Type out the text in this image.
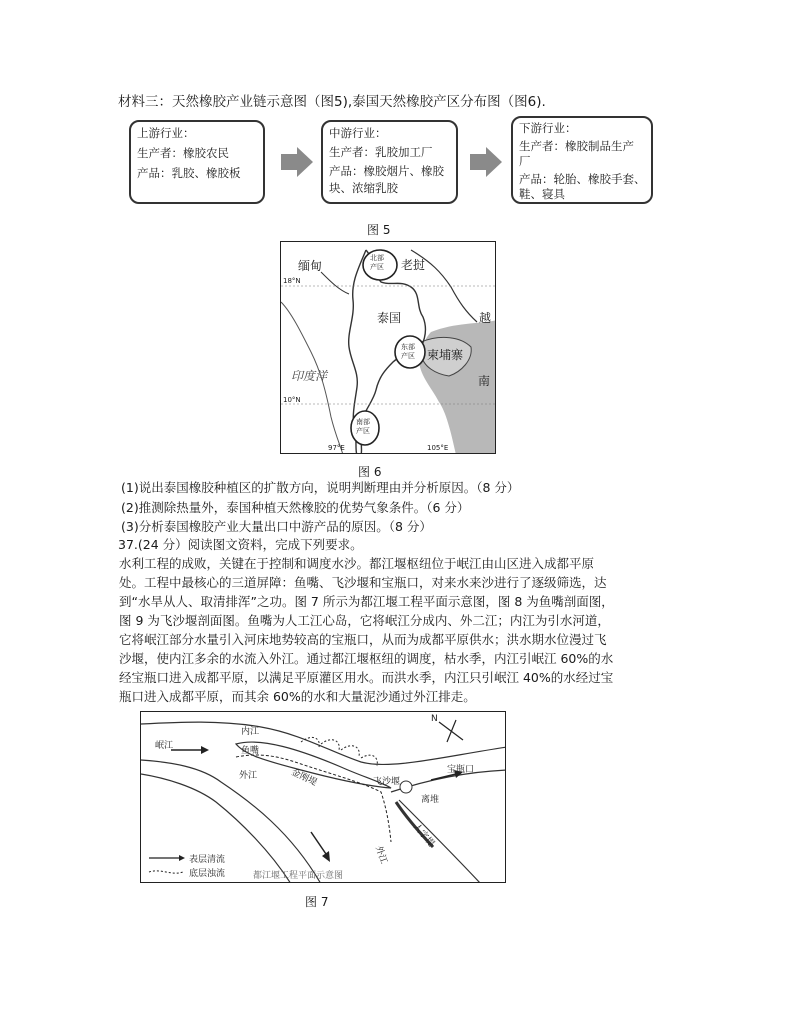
材料三：天然橡胶产业链示意图（图5),泰国天然橡胶产区分布图（图6).
上游行业：
生产者：橡胶农民
产品：乳胶、橡胶板
中游行业：
生产者：乳胶加工厂
产品：橡胶烟片、橡胶
块、浓缩乳胶
下游行业：
生产者：橡胶制品生产
厂
产品：轮胎、橡胶手套、
鞋、寝具
图 5
缅甸	老挝
北部
产区
18°N
泰国	越
东部
产区 柬埔寨
印度洋	南
10°N
南部
产区
97°E	105°E
图 6
(1)说出泰国橡胶种植区的扩散方向，说明判断理由并分析原因。（8 分）
(2)推测除热量外，泰国种植天然橡胶的优势气象条件。（6 分）
(3)分析泰国橡胶产业大量出口中游产品的原因。（8 分）
37.(24 分）阅读图文资料，完成下列要求。
水利工程的成败，关键在于控制和调度水沙。都江堰枢纽位于岷江由山区进入成都平原
处。工程中最核心的三道屏障：鱼嘴、飞沙堰和宝瓶口，对来水来沙进行了逐级筛选，达
到“水旱从人、取清排浑”之功。图 7 所示为都江堰工程平面示意图，图 8 为鱼嘴剖面图，
图 9 为飞沙堰剖面图。鱼嘴为人工江心岛，它将岷江分成内、外二江；内江为引水河道，
它将岷江部分水量引入河床地势较高的宝瓶口，从而为成都平原供水；洪水期水位漫过飞
沙堰，使内江多余的水流入外江。通过都江堰枢纽的调度，枯水季，内江引岷江 60%的水
经宝瓶口进入成都平原，以满足平原灌区用水。而洪水季，内江只引岷江 40%的水经过宝
瓶口进入成都平原，而其余 60%的水和大量泥沙通过外江排走。
岷江
内江
鱼嘴
外江	金刚堤	飞沙堰
宝瓶口
离堆
人字堤
外江
N
表层清流
底层浊流	都江堰工程平面示意图
图 7
